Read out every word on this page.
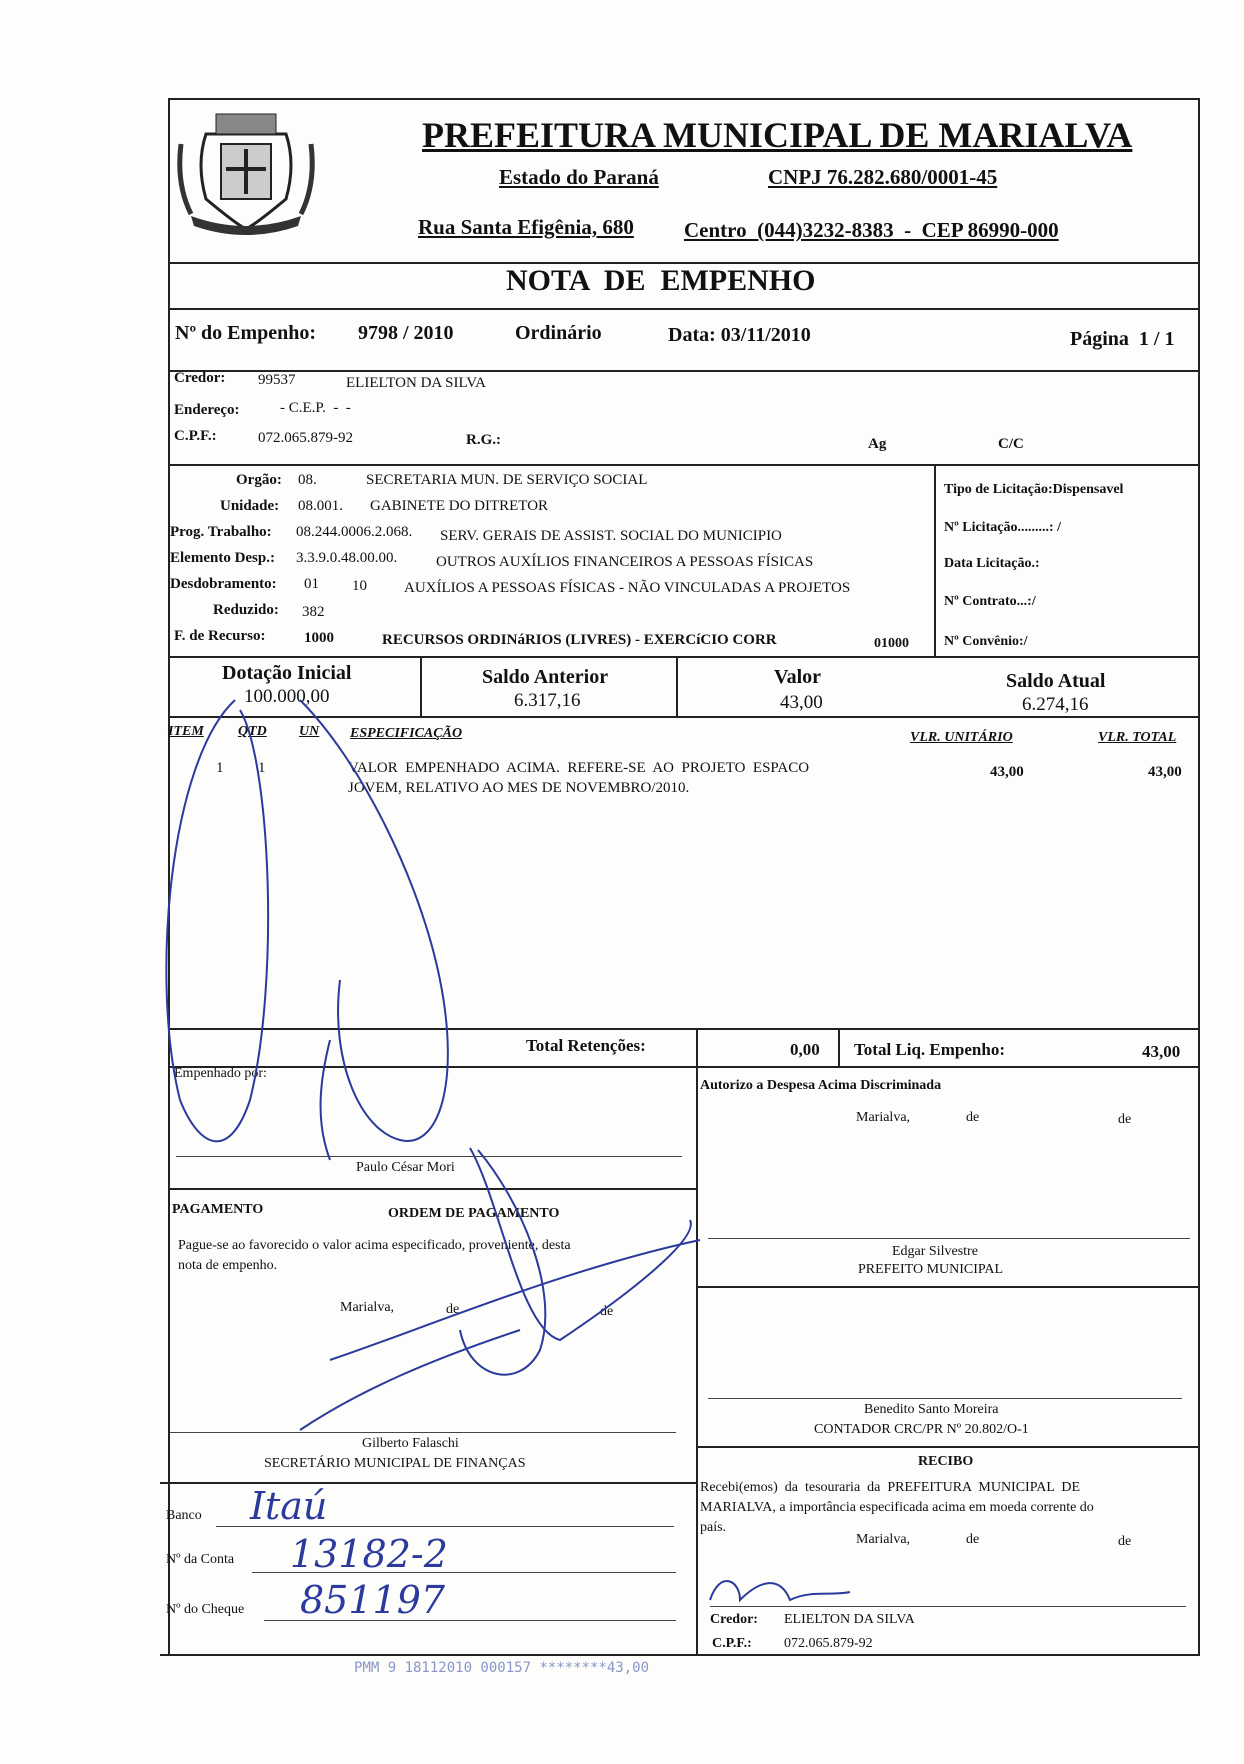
PREFEITURA MUNICIPAL DE MARIALVA
Estado do Paraná	CNPJ 76.282.680/0001-45
Rua Santa Efigênia, 680 Centro  (044)3232-8383  -  CEP 86990-000
NOTA  DE  EMPENHO
Nº do Empenho: 9798 / 2010	Ordinário	Data: 03/11/2010	Página  1 / 1
Credor: 99537	ELIELTON DA SILVA
Endereço:	- C.E.P.  -  -
C.P.F.:	072.065.879-92	R.G.:	Ag	C/C
Orgão: 08.	SECRETARIA MUN. DE SERVIÇO SOCIAL
Unidade: 08.001. GABINETE DO DITRETOR
Prog. Trabalho: 08.244.0006.2.068. SERV. GERAIS DE ASSIST. SOCIAL DO MUNICIPIO
Elemento Desp.: 3.3.9.0.48.00.00.	OUTROS AUXÍLIOS FINANCEIROS A PESSOAS FÍSICAS
Desdobramento: 01 10 AUXÍLIOS A PESSOAS FÍSICAS - NÃO VINCULADAS A PROJETOS
Reduzido: 382
F. de Recurso:	1000	RECURSOS ORDINáRIOS (LIVRES) - EXERCíCIO CORR	01000
Tipo de Licitação:Dispensavel
Nº Licitação.........: /
Data Licitação.:
Nº Contrato...:/
Nº Convênio:/
Dotação Inicial
100.000,00
Saldo Anterior
6.317,16
Valor
43,00
Saldo Atual
6.274,16
ITEM QTD UN ESPECIFICAÇÃO	VLR. UNITÁRIO	VLR. TOTAL
1 1	VALOR  EMPENHADO  ACIMA.  REFERE-SE  AO  PROJETO  ESPACO
JOVEM, RELATIVO AO MES DE NOVEMBRO/2010.
43,00	43,00
Total Retenções:	0,00 Total Liq. Empenho:	43,00
Empenhado por:
Paulo César Mori
Autorizo a Despesa Acima Discriminada
Marialva,	de	de
Edgar Silvestre
PREFEITO MUNICIPAL
Benedito Santo Moreira
CONTADOR CRC/PR Nº 20.802/O-1
PAGAMENTO	ORDEM DE PAGAMENTO
Pague-se ao favorecido o valor acima especificado, proveniente, desta
nota de empenho.
Marialva,	de	de
Gilberto Falaschi
SECRETÁRIO MUNICIPAL DE FINANÇAS
Banco Itaú
Nº da Conta 13182-2
Nº do Cheque 851197
RECIBO
Recebi(emos)  da  tesouraria  da  PREFEITURA  MUNICIPAL  DE
MARIALVA, a importância especificada acima em moeda corrente do
país.
Marialva,	de	de
Credor: ELIELTON DA SILVA
C.P.F.: 072.065.879-92
PMM 9 18112010 000157 ********43,00
